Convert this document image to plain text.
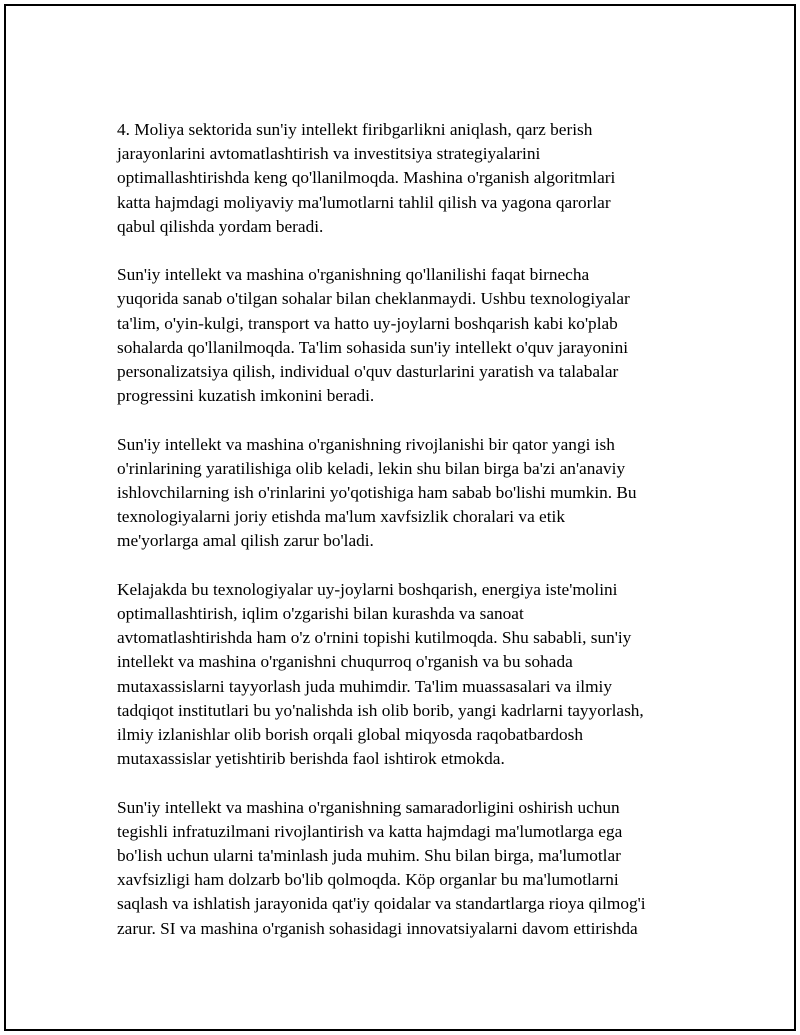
4. Moliya sektorida sun'iy intellekt firibgarlikni aniqlash, qarz berish
jarayonlarini avtomatlashtirish va investitsiya strategiyalarini
optimallashtirishda keng qo'llanilmoqda. Mashina o'rganish algoritmlari
katta hajmdagi moliyaviy ma'lumotlarni tahlil qilish va yagona qarorlar
qabul qilishda yordam beradi.

Sun'iy intellekt va mashina o'rganishning qo'llanilishi faqat birnecha
yuqorida sanab o'tilgan sohalar bilan cheklanmaydi. Ushbu texnologiyalar
ta'lim, o'yin-kulgi, transport va hatto uy-joylarni boshqarish kabi ko'plab
sohalarda qo'llanilmoqda. Ta'lim sohasida sun'iy intellekt o'quv jarayonini
personalizatsiya qilish, individual o'quv dasturlarini yaratish va talabalar
progressini kuzatish imkonini beradi.

Sun'iy intellekt va mashina o'rganishning rivojlanishi bir qator yangi ish
o'rinlarining yaratilishiga olib keladi, lekin shu bilan birga ba'zi an'anaviy
ishlovchilarning ish o'rinlarini yo'qotishiga ham sabab bo'lishi mumkin. Bu
texnologiyalarni joriy etishda ma'lum xavfsizlik choralari va etik
me'yorlarga amal qilish zarur bo'ladi.

Kelajakda bu texnologiyalar uy-joylarni boshqarish, energiya iste'molini
optimallashtirish, iqlim o'zgarishi bilan kurashda va sanoat
avtomatlashtirishda ham o'z o'rnini topishi kutilmoqda. Shu sababli, sun'iy
intellekt va mashina o'rganishni chuqurroq o'rganish va bu sohada
mutaxassislarni tayyorlash juda muhimdir. Ta'lim muassasalari va ilmiy
tadqiqot institutlari bu yo'nalishda ish olib borib, yangi kadrlarni tayyorlash,
ilmiy izlanishlar olib borish orqali global miqyosda raqobatbardosh
mutaxassislar yetishtirib berishda faol ishtirok etmokda.

Sun'iy intellekt va mashina o'rganishning samaradorligini oshirish uchun
tegishli infratuzilmani rivojlantirish va katta hajmdagi ma'lumotlarga ega
bo'lish uchun ularni ta'minlash juda muhim. Shu bilan birga, ma'lumotlar
xavfsizligi ham dolzarb bo'lib qolmoqda. Köp organlar bu ma'lumotlarni
saqlash va ishlatish jarayonida qat'iy qoidalar va standartlarga rioya qilmog'i
zarur. SI va mashina o'rganish sohasidagi innovatsiyalarni davom ettirishda
